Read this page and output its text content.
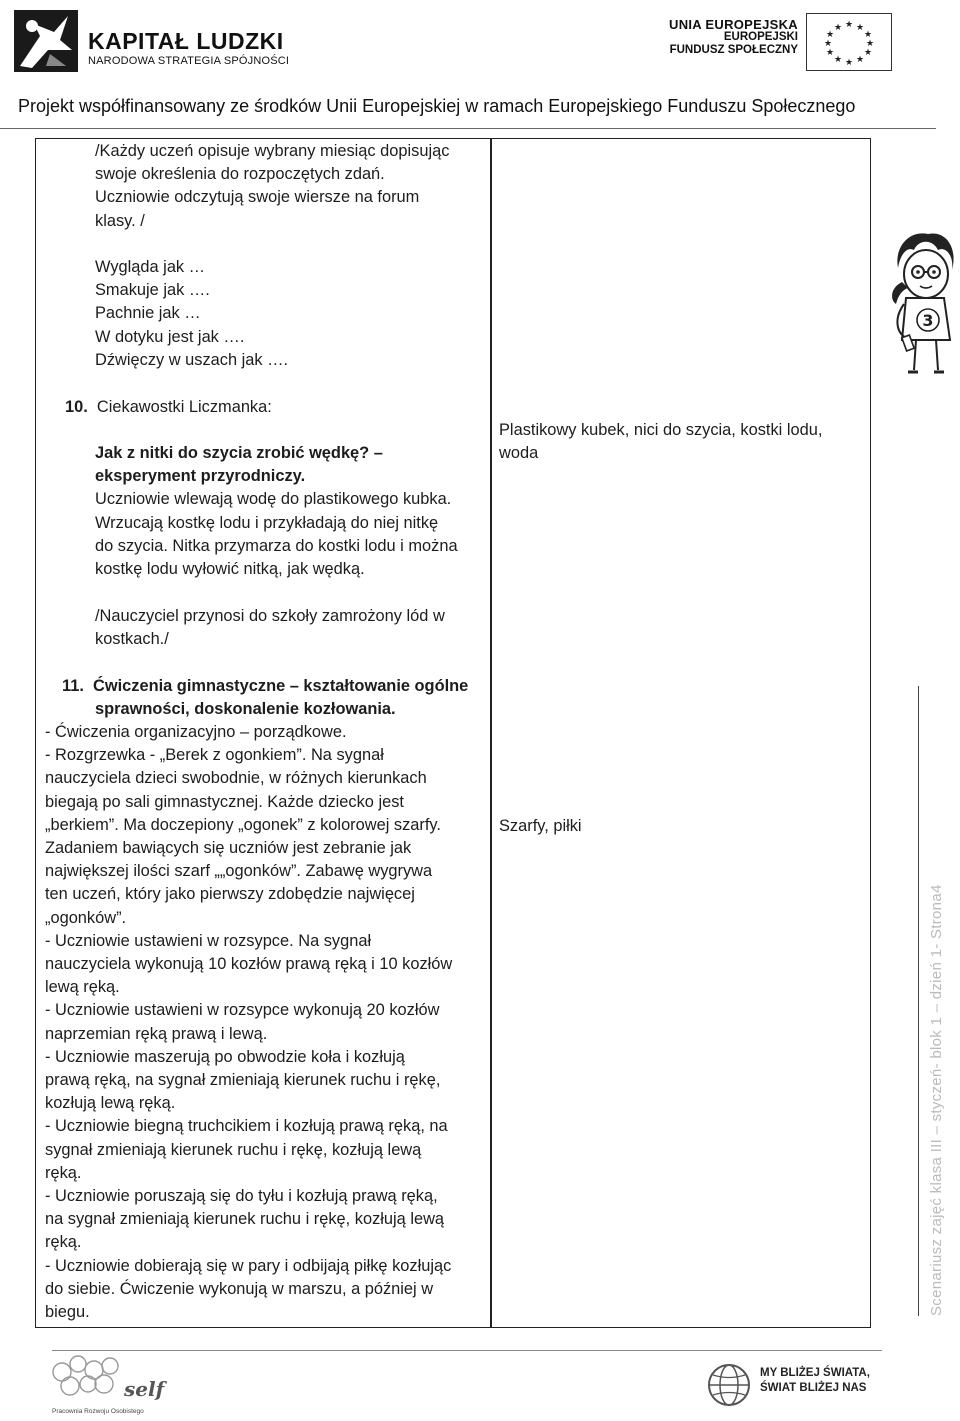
KAPITAŁ LUDZKI
NARODOWA STRATEGIA SPÓJNOŚCI
UNIA EUROPEJSKA
EUROPEJSKI
FUNDUSZ SPOŁECZNY
★ ★
★
★
★
★
★
★
★
★
★
★
Projekt współfinansowany ze środków Unii Europejskiej w ramach Europejskiego Funduszu Społecznego
3
Scenariusz zajęć klasa III – styczeń- blok 1 – dzień 1- Strona4

/Każdy uczeń opisuje wybrany miesiąc dopisując

swoje określenia do rozpoczętych zdań.

Uczniowie odczytują swoje wiersze na forum

klasy. /

Wygląda jak …

Smakuje jak ….

Pachnie jak …

W dotyku jest jak ….

Dźwięczy w uszach jak ….

10. Ciekawostki Liczmanka:

Jak z nitki do szycia zrobić wędkę? –

eksperyment przyrodniczy.

Uczniowie wlewają wodę do plastikowego kubka.

Wrzucają kostkę lodu i przykładają do niej nitkę

do szycia. Nitka przymarza do kostki lodu i można

kostkę lodu wyłowić nitką, jak wędką.

/Nauczyciel przynosi do szkoły zamrożony lód w

kostkach./

11. Ćwiczenia gimnastyczne – kształtowanie ogólne

sprawności, doskonalenie kozłowania.

- Ćwiczenia organizacyjno – porządkowe.

- Rozgrzewka - „Berek z ogonkiem”. Na sygnał

nauczyciela dzieci swobodnie, w różnych kierunkach

biegają po sali gimnastycznej. Każde dziecko jest

„berkiem”. Ma doczepiony „ogonek” z kolorowej szarfy.

Zadaniem bawiących się uczniów jest zebranie jak

największej ilości szarf „„ogonków”. Zabawę wygrywa

ten uczeń, który jako pierwszy zdobędzie najwięcej

„ogonków”.

- Uczniowie ustawieni w rozsypce. Na sygnał

nauczyciela wykonują 10 kozłów prawą ręką i 10 kozłów

lewą ręką.

- Uczniowie ustawieni w rozsypce wykonują 20 kozłów

naprzemian ręką prawą i lewą.

- Uczniowie maszerują po obwodzie koła i kozłują

prawą ręką, na sygnał zmieniają kierunek ruchu i rękę,

kozłują lewą ręką.

- Uczniowie biegną truchcikiem i kozłują prawą ręką, na

sygnał zmieniają kierunek ruchu i rękę, kozłują lewą

ręką.

- Uczniowie poruszają się do tyłu i kozłują prawą ręką,

na sygnał zmieniają kierunek ruchu i rękę, kozłują lewą

ręką.

- Uczniowie dobierają się w pary i odbijają piłkę kozłując

do siebie. Ćwiczenie wykonują w marszu, a później w

biegu.

Plastikowy kubek, nici do szycia, kostki lodu,

woda

Szarfy, piłki
self
Pracownia Rozwoju Osobistego
MY BLIŻEJ ŚWIATA,
ŚWIAT BLIŻEJ NAS
